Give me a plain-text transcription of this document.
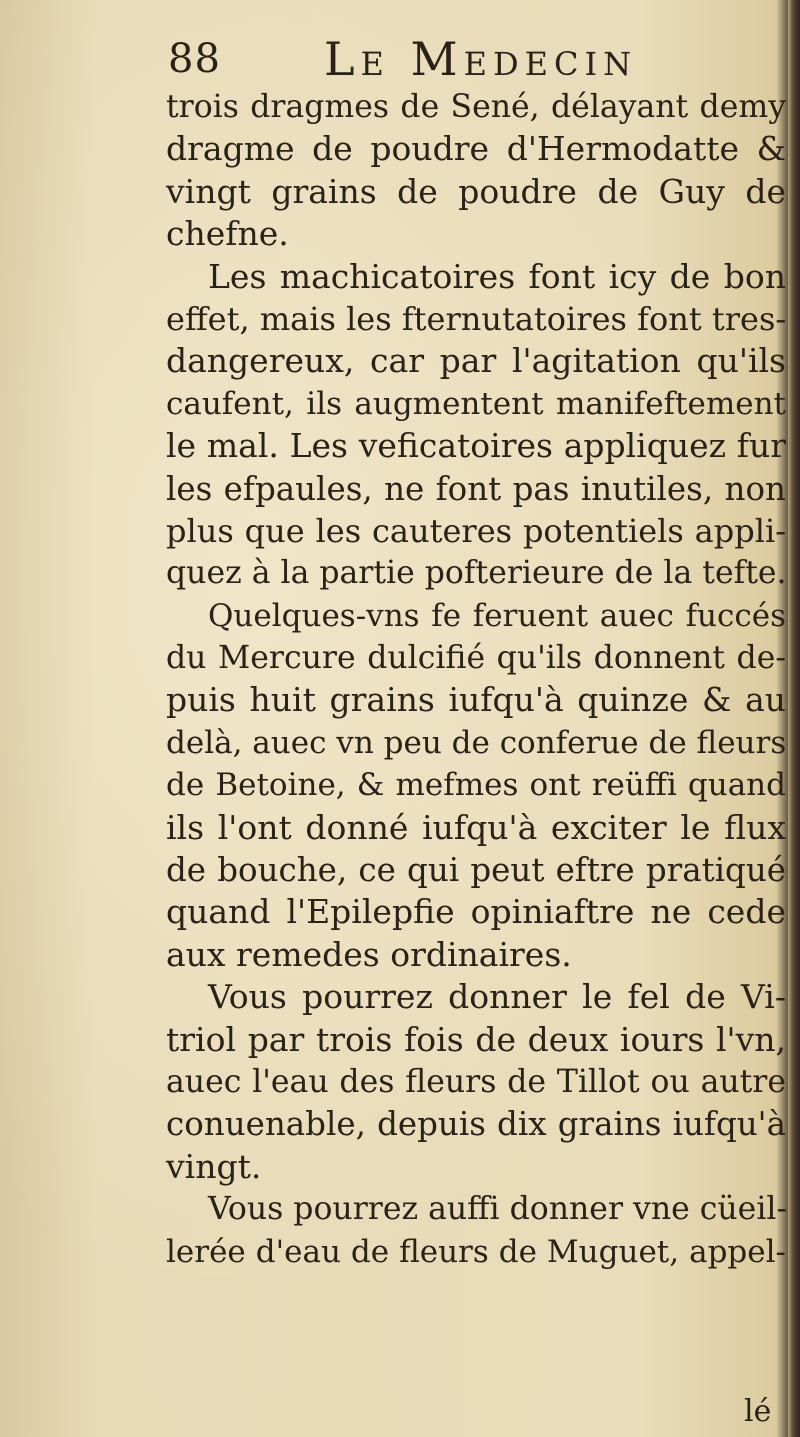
88 Le Medecin
trois dragmes de Sené, délayant demy
dragme de poudre d'Hermodatte &
vingt grains de poudre de Guy de
chefne.
Les machicatoires font icy de bon
effet, mais les fternutatoires font tres-
dangereux, car par l'agitation qu'ils
caufent, ils augmentent manifeftement
le mal. Les veficatoires appliquez fur
les efpaules, ne font pas inutiles, non
plus que les cauteres potentiels appli-
quez à la partie pofterieure de la tefte.
Quelques-vns fe feruent auec fuccés
du Mercure dulcifié qu'ils donnent de-
puis huit grains iufqu'à quinze & au
delà, auec vn peu de conferue de fleurs
de Betoine, & mefmes ont reüffi quand
ils l'ont donné iufqu'à exciter le flux
de bouche, ce qui peut eftre pratiqué
quand l'Epilepfie opiniaftre ne cede
aux remedes ordinaires.
Vous pourrez donner le fel de Vi-
triol par trois fois de deux iours l'vn,
auec l'eau des fleurs de Tillot ou autre
conuenable, depuis dix grains iufqu'à
vingt.
Vous pourrez auffi donner vne cüeil-
lerée d'eau de fleurs de Muguet, appel-
lé
